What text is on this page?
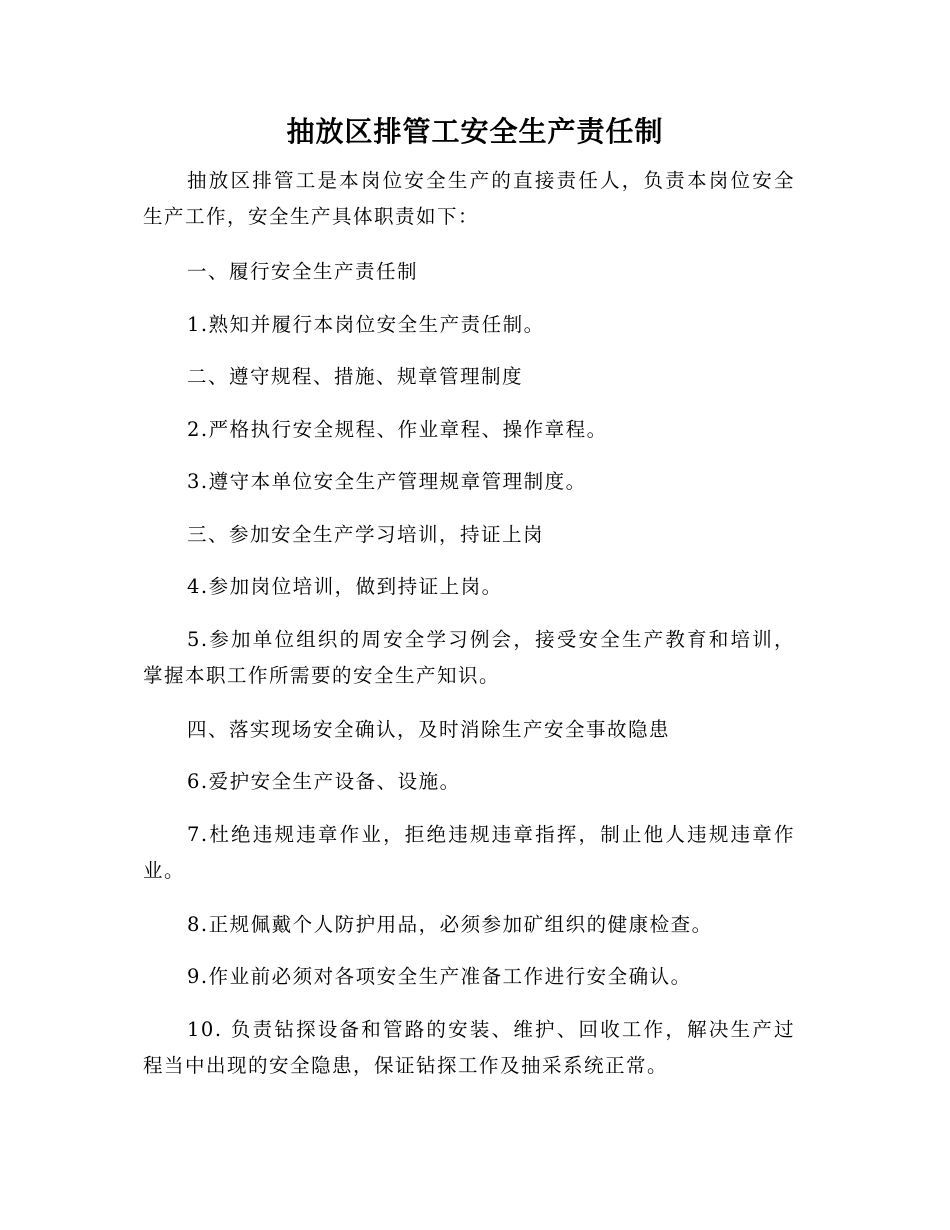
抽放区排管工安全生产责任制

抽放区排管工是本岗位安全生产的直接责任人，负责本岗位安全生产工作，安全生产具体职责如下：

一、履行安全生产责任制

1.熟知并履行本岗位安全生产责任制。

二、遵守规程、措施、规章管理制度

2.严格执行安全规程、作业章程、操作章程。

3.遵守本单位安全生产管理规章管理制度。

三、参加安全生产学习培训，持证上岗

4.参加岗位培训，做到持证上岗。

5.参加单位组织的周安全学习例会，接受安全生产教育和培训，掌握本职工作所需要的安全生产知识。

四、落实现场安全确认，及时消除生产安全事故隐患

6.爱护安全生产设备、设施。

7.杜绝违规违章作业，拒绝违规违章指挥，制止他人违规违章作业。

8.正规佩戴个人防护用品，必须参加矿组织的健康检查。

9.作业前必须对各项安全生产准备工作进行安全确认。

10. 负责钻探设备和管路的安装、维护、回收工作，解决生产过程当中出现的安全隐患，保证钻探工作及抽采系统正常。
